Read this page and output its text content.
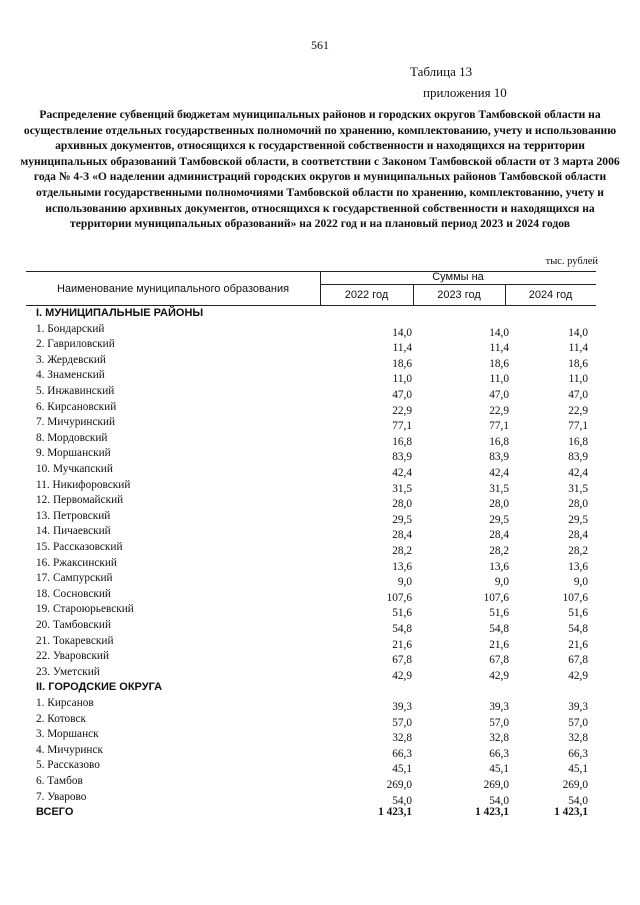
561
Таблица 13
приложения 10
Распределение субвенций бюджетам муниципальных районов и городских округов Тамбовской области на осуществление отдельных государственных полномочий по хранению, комплектованию, учету и использованию архивных документов, относящихся к государственной собственности и находящихся на территории муниципальных образований Тамбовской области, в соответствии с Законом Тамбовской области от 3 марта 2006 года № 4-З «О наделении администраций городских округов и муниципальных районов Тамбовской области отдельными государственными полномочиями Тамбовской области по хранению, комплектованию, учету и использованию архивных документов, относящихся к государственной собственности и находящихся на территории муниципальных образований» на 2022 год и на плановый период 2023 и 2024 годов
тыс. рублей
Наименование муниципального образования
Суммы на
2022 год	2023 год	2024 год
I. МУНИЦИПАЛЬНЫЕ РАЙОНЫ
1. Бондарский	14,0	14,0	14,0
2. Гавриловский	11,4	11,4	11,4
3. Жердевский	18,6	18,6	18,6
4. Знаменский	11,0	11,0	11,0
5. Инжавинский	47,0	47,0	47,0
6. Кирсановский	22,9	22,9	22,9
7. Мичуринский	77,1	77,1	77,1
8. Мордовский	16,8	16,8	16,8
9. Моршанский	83,9	83,9	83,9
10. Мучкапский	42,4	42,4	42,4
11. Никифоровский	31,5	31,5	31,5
12. Первомайский	28,0	28,0	28,0
13. Петровский	29,5	29,5	29,5
14. Пичаевский	28,4	28,4	28,4
15. Рассказовский	28,2	28,2	28,2
16. Ржаксинский	13,6	13,6	13,6
17. Сампурский	9,0	9,0	9,0
18. Сосновский	107,6	107,6	107,6
19. Староюрьевский	51,6	51,6	51,6
20. Тамбовский	54,8	54,8	54,8
21. Токаревский	21,6	21,6	21,6
22. Уваровский	67,8	67,8	67,8
23. Уметский	42,9	42,9	42,9
II. ГОРОДСКИЕ ОКРУГА
1. Кирсанов	39,3	39,3	39,3
2. Котовск	57,0	57,0	57,0
3. Моршанск	32,8	32,8	32,8
4. Мичуринск	66,3	66,3	66,3
5. Рассказово	45,1	45,1	45,1
6. Тамбов	269,0	269,0	269,0
7. Уварово	54,0	54,0	54,0
ВСЕГО	1 423,1	1 423,1	1 423,1
